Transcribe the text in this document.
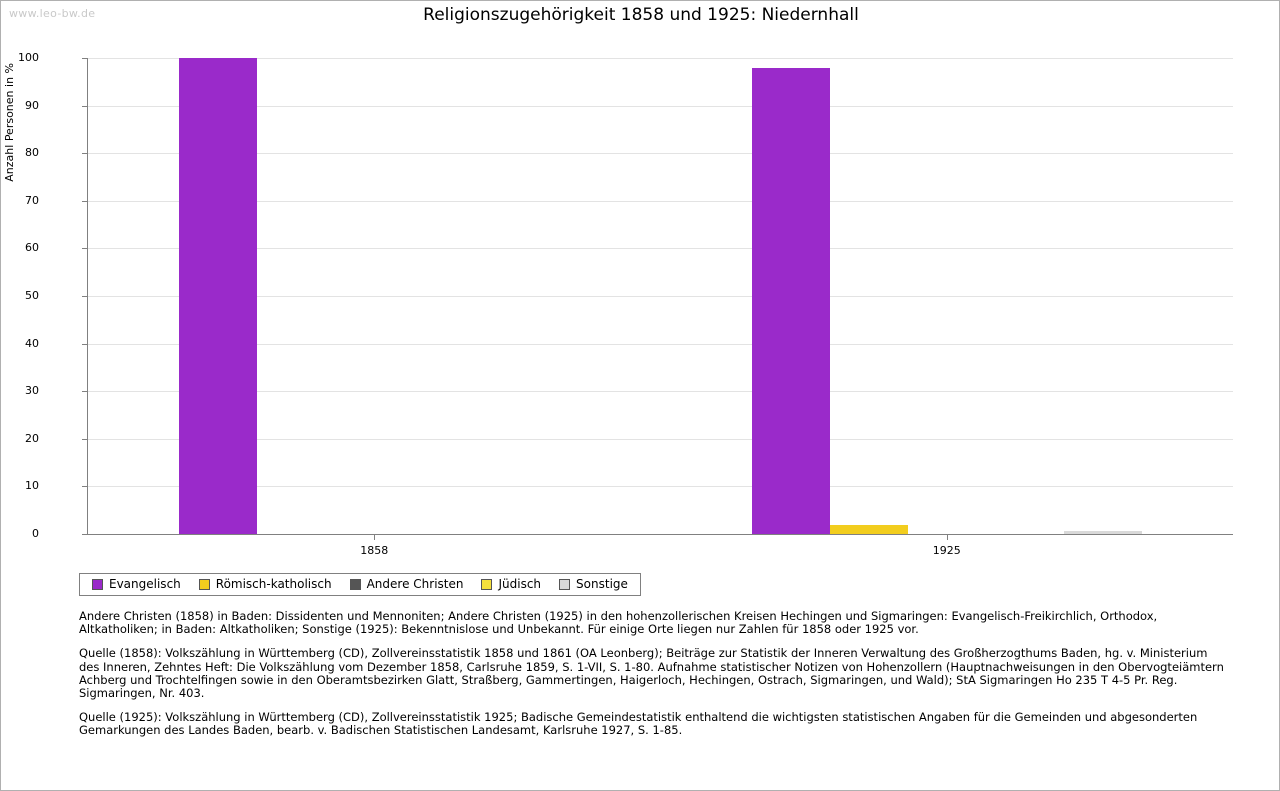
www.leo-bw.de	Religionszugehörigkeit 1858 und 1925: Niedernhall
Anzahl Personen in %
0
10
20
30
40
50
60
70
80
90
100
1858	1925
Evangelisch	Römisch-katholisch	Andere Christen	Jüdisch	Sonstige

Andere Christen (1858) in Baden: Dissidenten und Mennoniten; Andere Christen (1925) in den hohenzollerischen Kreisen Hechingen und Sigmaringen: Evangelisch-Freikirchlich, Orthodox, Altkatholiken; in Baden: Altkatholiken; Sonstige (1925): Bekenntnislose und Unbekannt. Für einige Orte liegen nur Zahlen für 1858 oder 1925 vor.

Quelle (1858): Volkszählung in Württemberg (CD), Zollvereinsstatistik 1858 und 1861 (OA Leonberg); Beiträge zur Statistik der Inneren Verwaltung des Großherzogthums Baden, hg. v. Ministerium des Inneren, Zehntes Heft: Die Volkszählung vom Dezember 1858, Carlsruhe 1859, S. 1-VII, S. 1-80. Aufnahme statistischer Notizen von Hohenzollern (Hauptnachweisungen in den Obervogteiämtern Achberg und Trochtelfingen sowie in den Oberamtsbezirken Glatt, Straßberg, Gammertingen, Haigerloch, Hechingen, Ostrach, Sigmaringen, und Wald); StA Sigmaringen Ho 235 T 4-5 Pr. Reg. Sigmaringen, Nr. 403.

Quelle (1925): Volkszählung in Württemberg (CD), Zollvereinsstatistik 1925; Badische Gemeindestatistik enthaltend die wichtigsten statistischen Angaben für die Gemeinden und abgesonderten Gemarkungen des Landes Baden, bearb. v. Badischen Statistischen Landesamt, Karlsruhe 1927, S. 1-85.
